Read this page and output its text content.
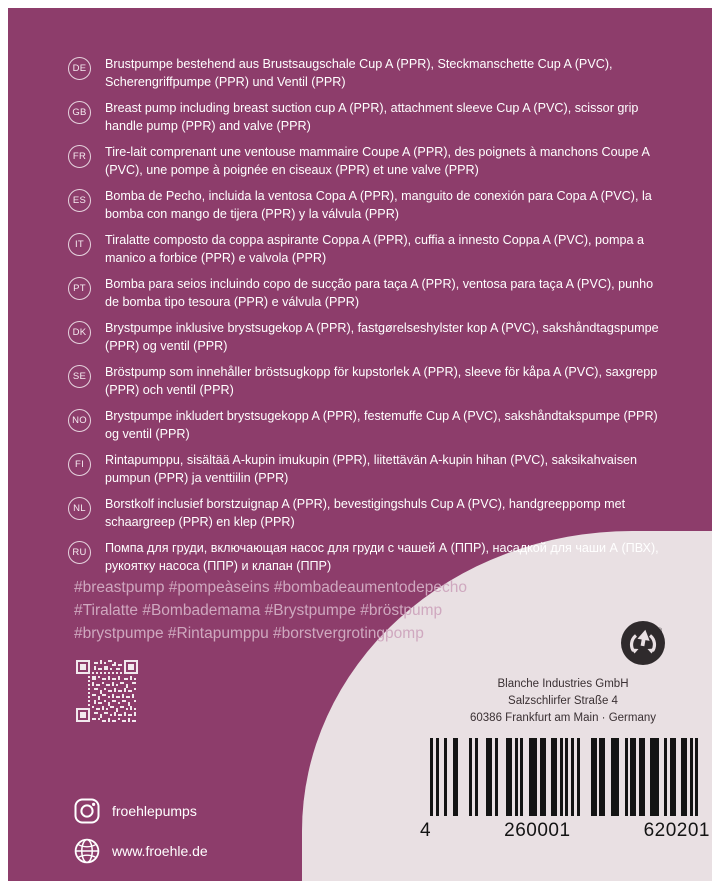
DE	Brustpumpe bestehend aus Brustsaugschale Cup A (PPR), Steckmanschette Cup A (PVC), Scherengriffpumpe (PPR) und Ventil (PPR)
GB	Breast pump including breast suction cup A (PPR), attachment sleeve Cup A (PVC), scissor grip handle pump (PPR) and valve (PPR)
FR	Tire-lait comprenant une ventouse mammaire Coupe A (PPR), des poignets à manchons Coupe A (PVC), une pompe à poignée en ciseaux (PPR) et une valve (PPR)
ES	Bomba de Pecho, incluida la ventosa Copa A (PPR), manguito de conexión para Copa A (PVC), la bomba con mango de tijera (PPR) y la válvula (PPR)
IT	Tiralatte composto da coppa aspirante Coppa A (PPR), cuffia a innesto Coppa A (PVC), pompa a manico a forbice (PPR) e valvola (PPR)
PT	Bomba para seios incluindo copo de sucção para taça A (PPR), ventosa para taça A (PVC), punho de bomba tipo tesoura (PPR) e válvula (PPR)
DK	Brystpumpe inklusive brystsugekop A (PPR), fastgørelseshylster kop A (PVC), sakshåndtagspumpe (PPR) og ventil (PPR)
SE	Bröstpump som innehåller bröstsugkopp för kupstorlek A (PPR), sleeve för kåpa A (PVC), saxgrepp (PPR) och ventil (PPR)
NO	Brystpumpe inkludert brystsugekopp A (PPR), festemuffe Cup A (PVC), sakshåndtakspumpe (PPR) og ventil (PPR)
FI	Rintapumppu, sisältää A-kupin imukupin (PPR), liitettävän A-kupin hihan (PVC), saksikahvaisen pumpun (PPR) ja venttiilin (PPR)
NL	Borstkolf inclusief borstzuignap A (PPR), bevestigingshuls Cup A (PVC), handgreeppomp met schaargreep (PPR) en klep (PPR)
RU	Помпа для груди, включающая насос для груди с чашей А (ППР), насадкой для чаши А (ПВХ), рукоятку насоса (ППР) и клапан (ППР)
#breastpump #pompeàseins #bombadeaumentodepecho
#Tiralatte #Bombademama #Brystpumpe #bröstpump
#brystpumpe #Rintapumppu #borstvergrotingpomp
froehlepumps
www.froehle.de
®
Blanche Industries GmbH
Salzschlirfer Straße 4
60386 Frankfurt am Main · Germany
4	260001	620201
